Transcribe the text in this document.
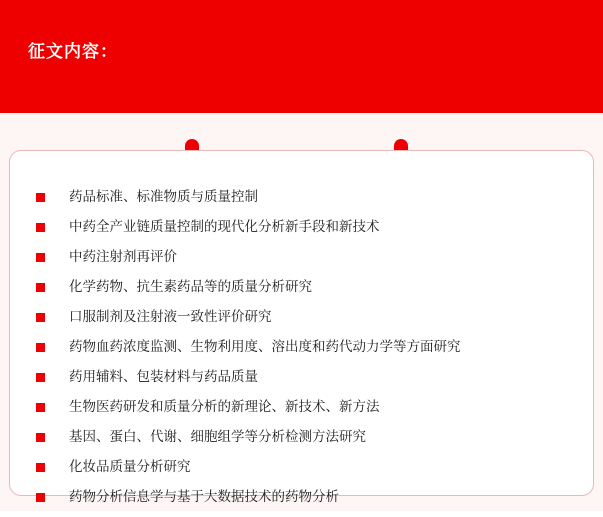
征文内容：
药品标准、标准物质与质量控制
中药全产业链质量控制的现代化分析新手段和新技术
中药注射剂再评价
化学药物、抗生素药品等的质量分析研究
口服制剂及注射液一致性评价研究
药物血药浓度监测、生物利用度、溶出度和药代动力学等方面研究
药用辅料、包装材料与药品质量
生物医药研发和质量分析的新理论、新技术、新方法
基因、蛋白、代谢、细胞组学等分析检测方法研究
化妆品质量分析研究
药物分析信息学与基于大数据技术的药物分析
